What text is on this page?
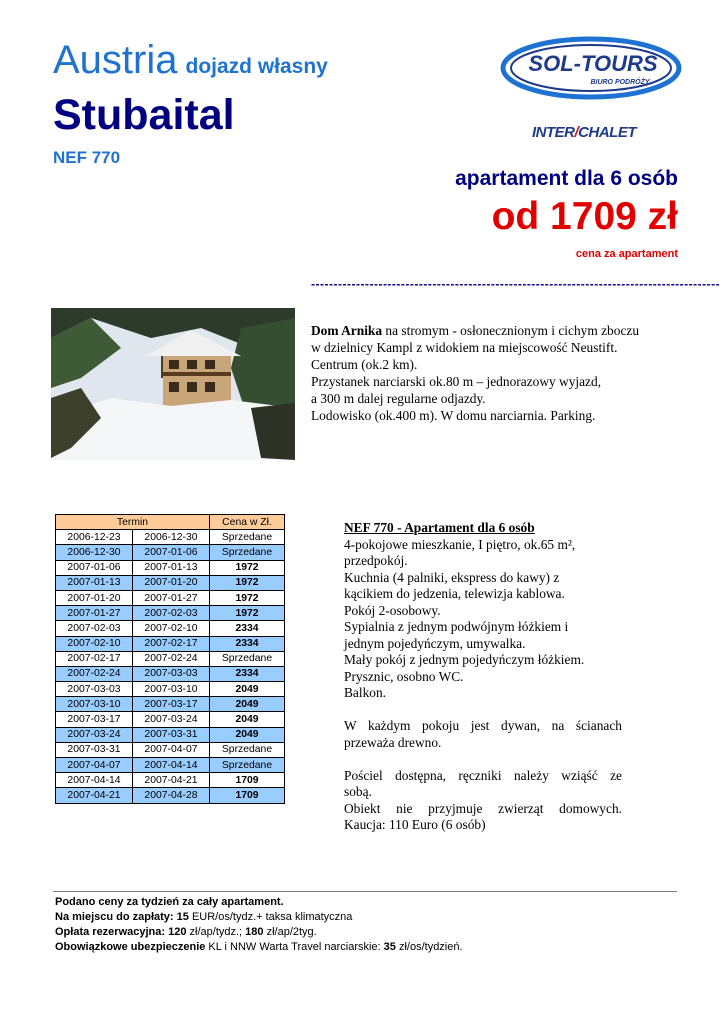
Austria dojazd własny
Stubaital
NEF 770
SOL-TOURS
BIURO PODRÓŻY
INTER/CHALET
apartament dla 6 osób
od 1709 zł
cena za apartament
-------------------------------------------------------------------------------------------

Dom Arnika na stromym - osłonecznionym i cichym zboczu

w dzielnicy Kampl z widokiem na miejscowość Neustift.

Centrum (ok.2 km).

Przystanek narciarski ok.80 m – jednorazowy wyjazd,

a 300 m dalej regularne odjazdy.

Lodowisko (ok.400 m). W domu narciarnia. Parking.

Termin		Cena w Zł.
2006-12-23	2006-12-30	Sprzedane
2006-12-30	2007-01-06	Sprzedane
2007-01-06	2007-01-13	1972
2007-01-13	2007-01-20	1972
2007-01-20	2007-01-27	1972
2007-01-27	2007-02-03	1972
2007-02-03	2007-02-10	2334
2007-02-10	2007-02-17	2334
2007-02-17	2007-02-24	Sprzedane
2007-02-24	2007-03-03	2334
2007-03-03	2007-03-10	2049
2007-03-10	2007-03-17	2049
2007-03-17	2007-03-24	2049
2007-03-24	2007-03-31	2049
2007-03-31	2007-04-07	Sprzedane
2007-04-07	2007-04-14	Sprzedane
2007-04-14	2007-04-21	1709
2007-04-21	2007-04-28	1709

NEF 770 - Apartament dla 6 osób

4-pokojowe mieszkanie, I piętro, ok.65 m²,

przedpokój.

Kuchnia (4 palniki, ekspress do kawy) z

kącikiem do jedzenia, telewizja kablowa.

Pokój 2-osobowy.

Sypialnia z jednym podwójnym łóżkiem i

jednym pojedyńczym, umywalka.

Mały pokój z jednym pojedyńczym łóżkiem.

Prysznic, osobno WC.

Balkon.

W każdym pokoju jest dywan, na ścianach

przeważa drewno.

Pościel dostępna, ręczniki należy wziąść ze

sobą.

Obiekt nie przyjmuje zwierząt domowych.

Kaucja: 110 Euro (6 osób)

Podano ceny za tydzień za cały apartament.

Na miejscu do zapłaty: 15 EUR/os/tydz.+ taksa klimatyczna

Opłata rezerwacyjna: 120 zł/ap/tydz.; 180 zł/ap/2tyg.

Obowiązkowe ubezpieczenie KL i NNW Warta Travel narciarskie: 35 zł/os/tydzień.
